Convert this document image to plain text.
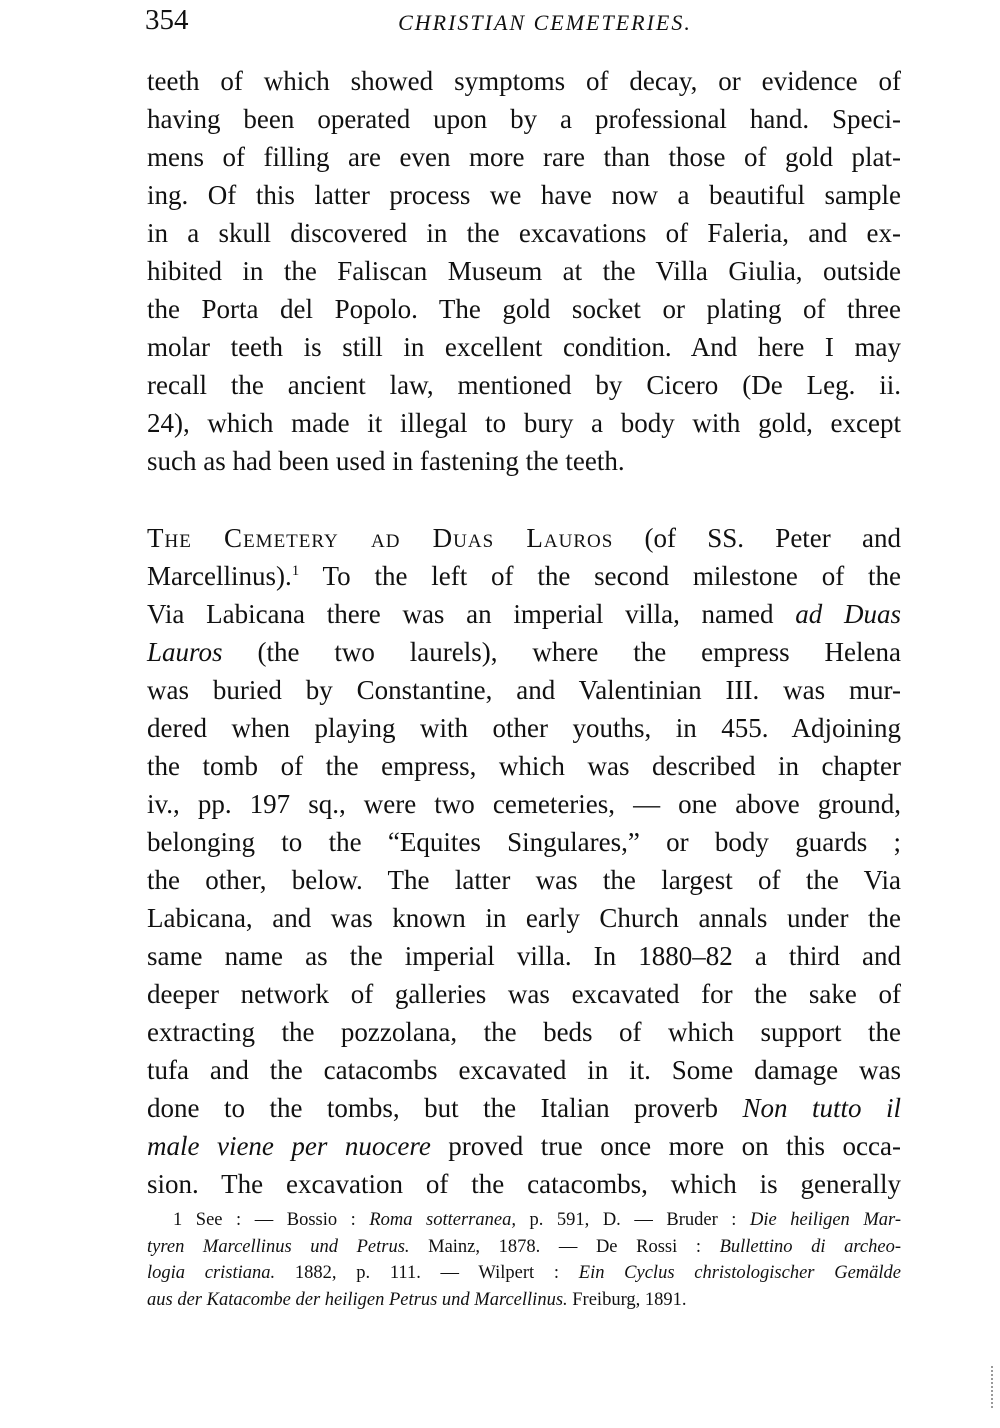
354	CHRISTIAN CEMETERIES.
teeth of which showed symptoms of decay, or evidence of
having been operated upon by a professional hand. Speci-
mens of filling are even more rare than those of gold plat-
ing. Of this latter process we have now a beautiful sample
in a skull discovered in the excavations of Faleria, and ex-
hibited in the Faliscan Museum at the Villa Giulia, outside
the Porta del Popolo. The gold socket or plating of three
molar teeth is still in excellent condition. And here I may
recall the ancient law, mentioned by Cicero (De Leg. ii.
24), which made it illegal to bury a body with gold, except
such as had been used in fastening the teeth.
The Cemetery ad Duas Lauros (of SS. Peter and
Marcellinus).$^1$ To the left of the second milestone of the
Via Labicana there was an imperial villa, named ad Duas
Lauros (the two laurels), where the empress Helena
was buried by Constantine, and Valentinian III. was mur-
dered when playing with other youths, in 455. Adjoining
the tomb of the empress, which was described in chapter
iv., pp. 197 sq., were two cemeteries, — one above ground,
belonging to the “Equites Singulares,” or body guards ;
the other, below. The latter was the largest of the Via
Labicana, and was known in early Church annals under the
same name as the imperial villa. In 1880–82 a third and
deeper network of galleries was excavated for the sake of
extracting the pozzolana, the beds of which support the
tufa and the catacombs excavated in it. Some damage was
done to the tombs, but the Italian proverb Non tutto il
male viene per nuocere proved true once more on this occa-
sion. The excavation of the catacombs, which is generally
1 See : — Bossio : Roma sotterranea, p. 591, D. — Bruder : Die heiligen Mar-
tyren Marcellinus und Petrus. Mainz, 1878. — De Rossi : Bullettino di archeo-
logia cristiana. 1882, p. 111. — Wilpert : Ein Cyclus christologischer Gemälde
aus der Katacombe der heiligen Petrus und Marcellinus. Freiburg, 1891.
